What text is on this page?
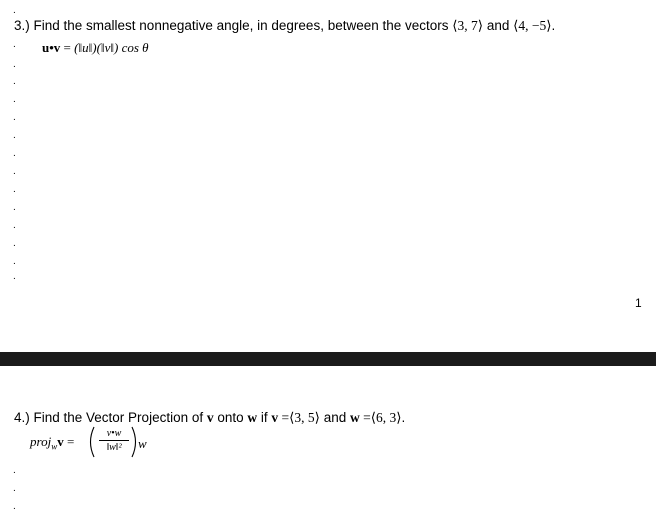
.
3.) Find the smallest nonnegative angle, in degrees, between the vectors ⟨3, 7⟩ and ⟨4, −5⟩.
u•v = (‖u‖)(‖v‖) cos θ
.
.
.
.
.
.
.
.
.
.
.
.
.
.
1
4.) Find the Vector Projection of v onto w if v =⟨3, 5⟩ and w =⟨6, 3⟩.
.
.
.
proj$_w$v =
v•w
‖w‖²	w
